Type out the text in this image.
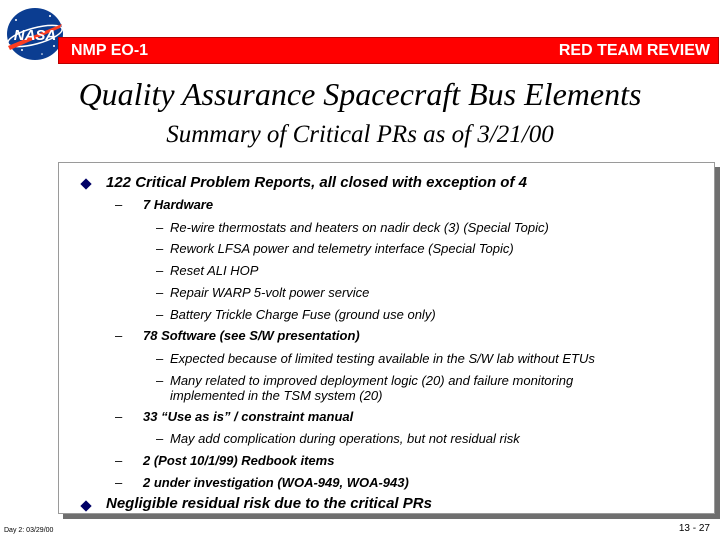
NASA
NMP EO-1	RED TEAM REVIEW
Quality Assurance Spacecraft Bus Elements
Summary of Critical PRs as of 3/21/00
122 Critical Problem Reports, all closed with exception of 4
– 7 Hardware
– Re-wire thermostats and heaters on nadir deck (3) (Special Topic)
– Rework LFSA power and telemetry interface (Special Topic)
– Reset ALI HOP
– Repair WARP 5-volt power service
– Battery Trickle Charge Fuse (ground use only)
– 78 Software (see S/W presentation)
– Expected because of limited testing available in the S/W lab without ETUs
– Many related to improved deployment logic (20) and failure monitoring
implemented in the TSM system (20)
– 33 “Use as is” / constraint manual
– May add complication during operations, but not residual risk
– 2 (Post 10/1/99) Redbook items
– 2 under investigation (WOA-949, WOA-943)
Negligible residual risk due to the critical PRs
Day 2: 03/29/00	13 - 27
